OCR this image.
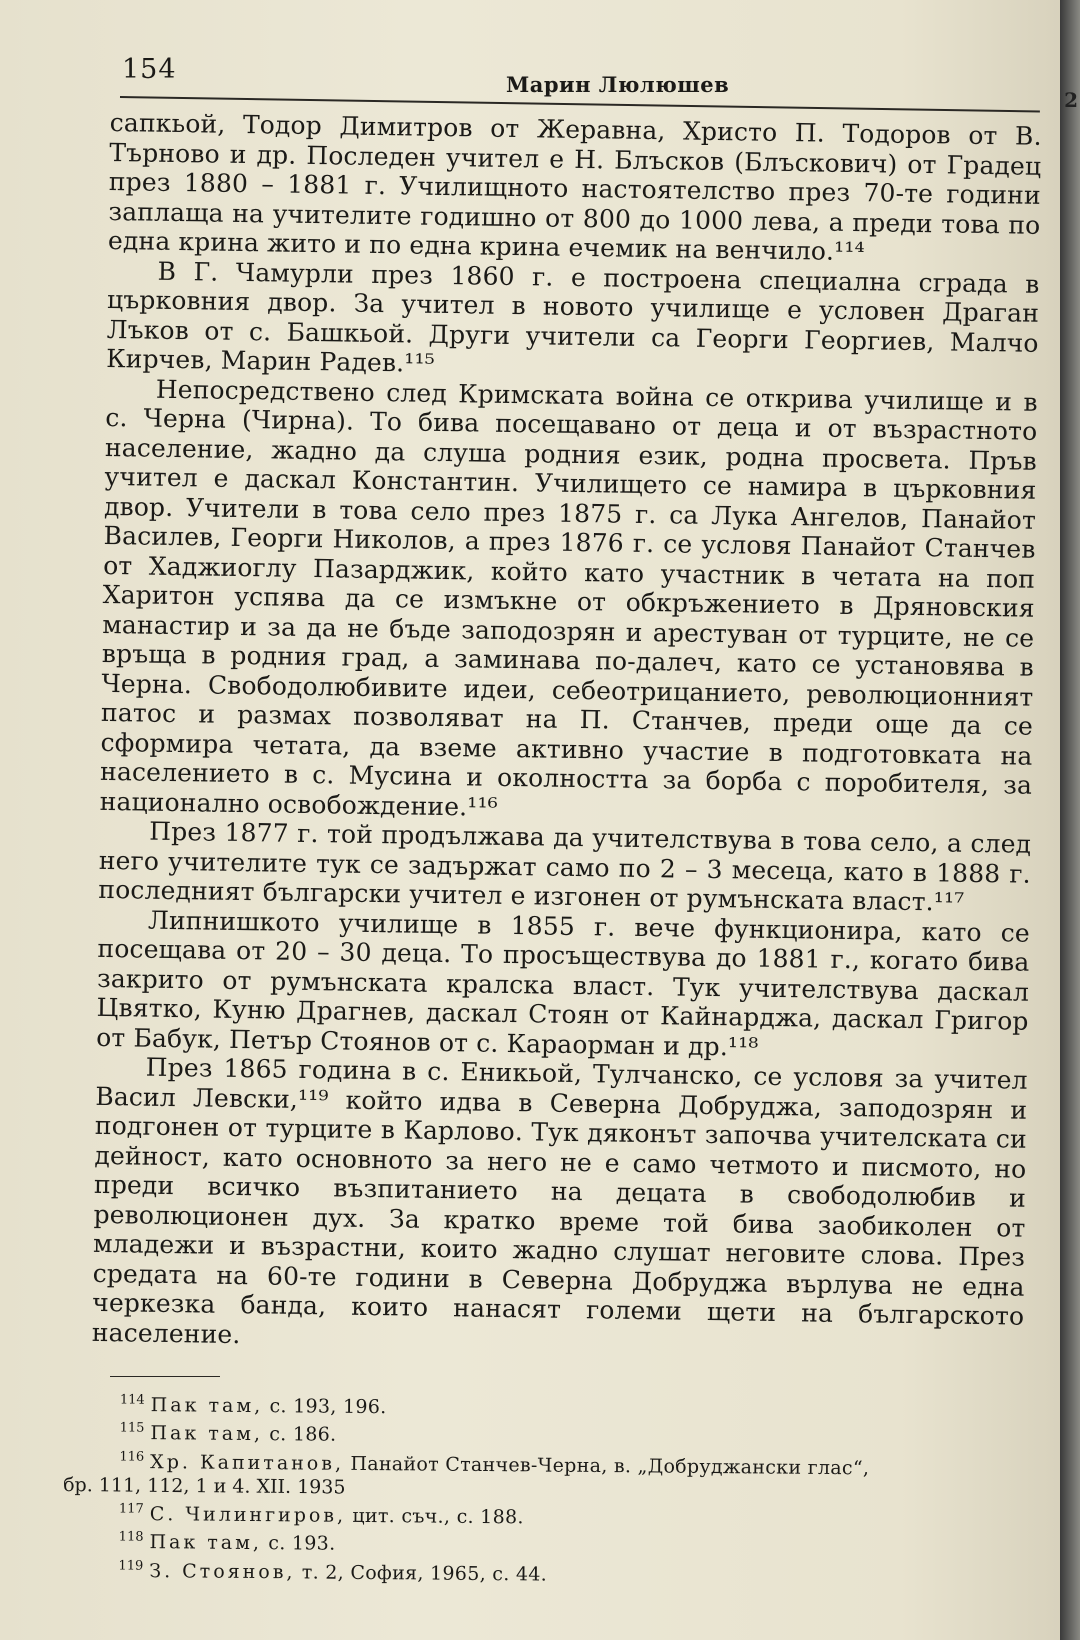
154	Марин Люлюшев

сапкьой, Тодор Димитров от Жеравна, Христо П. Тодоров от В. Търново и др. Последен учител е Н. Блъсков (Блъскович) от Градец през 1880 – 1881 г. Училищното настоятелство през 70-те години заплаща на учителите годишно от 800 до 1000 лева, а преди това по една крина жито и по една крина ечемик на венчило.¹¹⁴

В Г. Чамурли през 1860 г. е построена специална сграда в църковния двор. За учител в новото училище е условен Драган Лъков от с. Башкьой. Други учители са Георги Георгиев, Малчо Кирчев, Марин Радев.¹¹⁵

Непосредствено след Кримската война се открива училище и в с. Черна (Чирна). То бива посещавано от деца и от възрастното население, жадно да слуша родния език, родна просвета. Пръв учител е даскал Константин. Училището се намира в църковния двор. Учители в това село през 1875 г. са Лука Ангелов, Панайот Василев, Георги Николов, а през 1876 г. се условя Панайот Станчев от Хаджиоглу Пазарджик, който като участник в четата на поп Харитон успява да се измъкне от обкръжението в Дряновския манастир и за да не бъде заподозрян и арестуван от турците, не се връща в родния град, а заминава по-далеч, като се установява в Черна. Свободолюбивите идеи, себеотрицанието, революционният патос и размах позволяват на П. Станчев, преди още да се сформира четата, да вземе активно участие в подготовката на населението в с. Мусина и околността за борба с поробителя, за национално освобождение.¹¹⁶

През 1877 г. той продължава да учителствува в това село, а след него учителите тук се задържат само по 2 – 3 месеца, като в 1888 г. последният български учител е изгонен от румънската власт.¹¹⁷

Липнишкото училище в 1855 г. вече функционира, като се посещава от 20 – 30 деца. То просъществува до 1881 г., когато бива закрито от румънската кралска власт. Тук учителствува даскал Цвятко, Куню Драгнев, даскал Стоян от Кайнарджа, даскал Григор от Бабук, Петър Стоянов от с. Караорман и др.¹¹⁸

През 1865 година в с. Еникьой, Тулчанско, се условя за учител Васил Левски,¹¹⁹ който идва в Северна Добруджа, заподозрян и подгонен от турците в Карлово. Тук дяконът започва учителската си дейност, като основното за него не е само четмото и писмото, но преди всичко възпитанието на децата в свободолюбив и революционен дух. За кратко време той бива заобиколен от младежи и възрастни, които жадно слушат неговите слова. През средата на 60-те години в Северна Добруджа върлува не една черкезка банда, които нанасят големи щети на българското население.

$^{114}$ Пак там, с. 193, 196.

$^{115}$ Пак там, с. 186.

$^{116}$ Хр. Капитанов, Панайот Станчев-Черна, в. „Добруджански глас“,

бр. 111, 112, 1 и 4. XII. 1935

$^{117}$ С. Чилингиров, цит. съч., с. 188.

$^{118}$ Пак там, с. 193.

$^{119}$ З. Стоянов, т. 2, София, 1965, с. 44.

2
